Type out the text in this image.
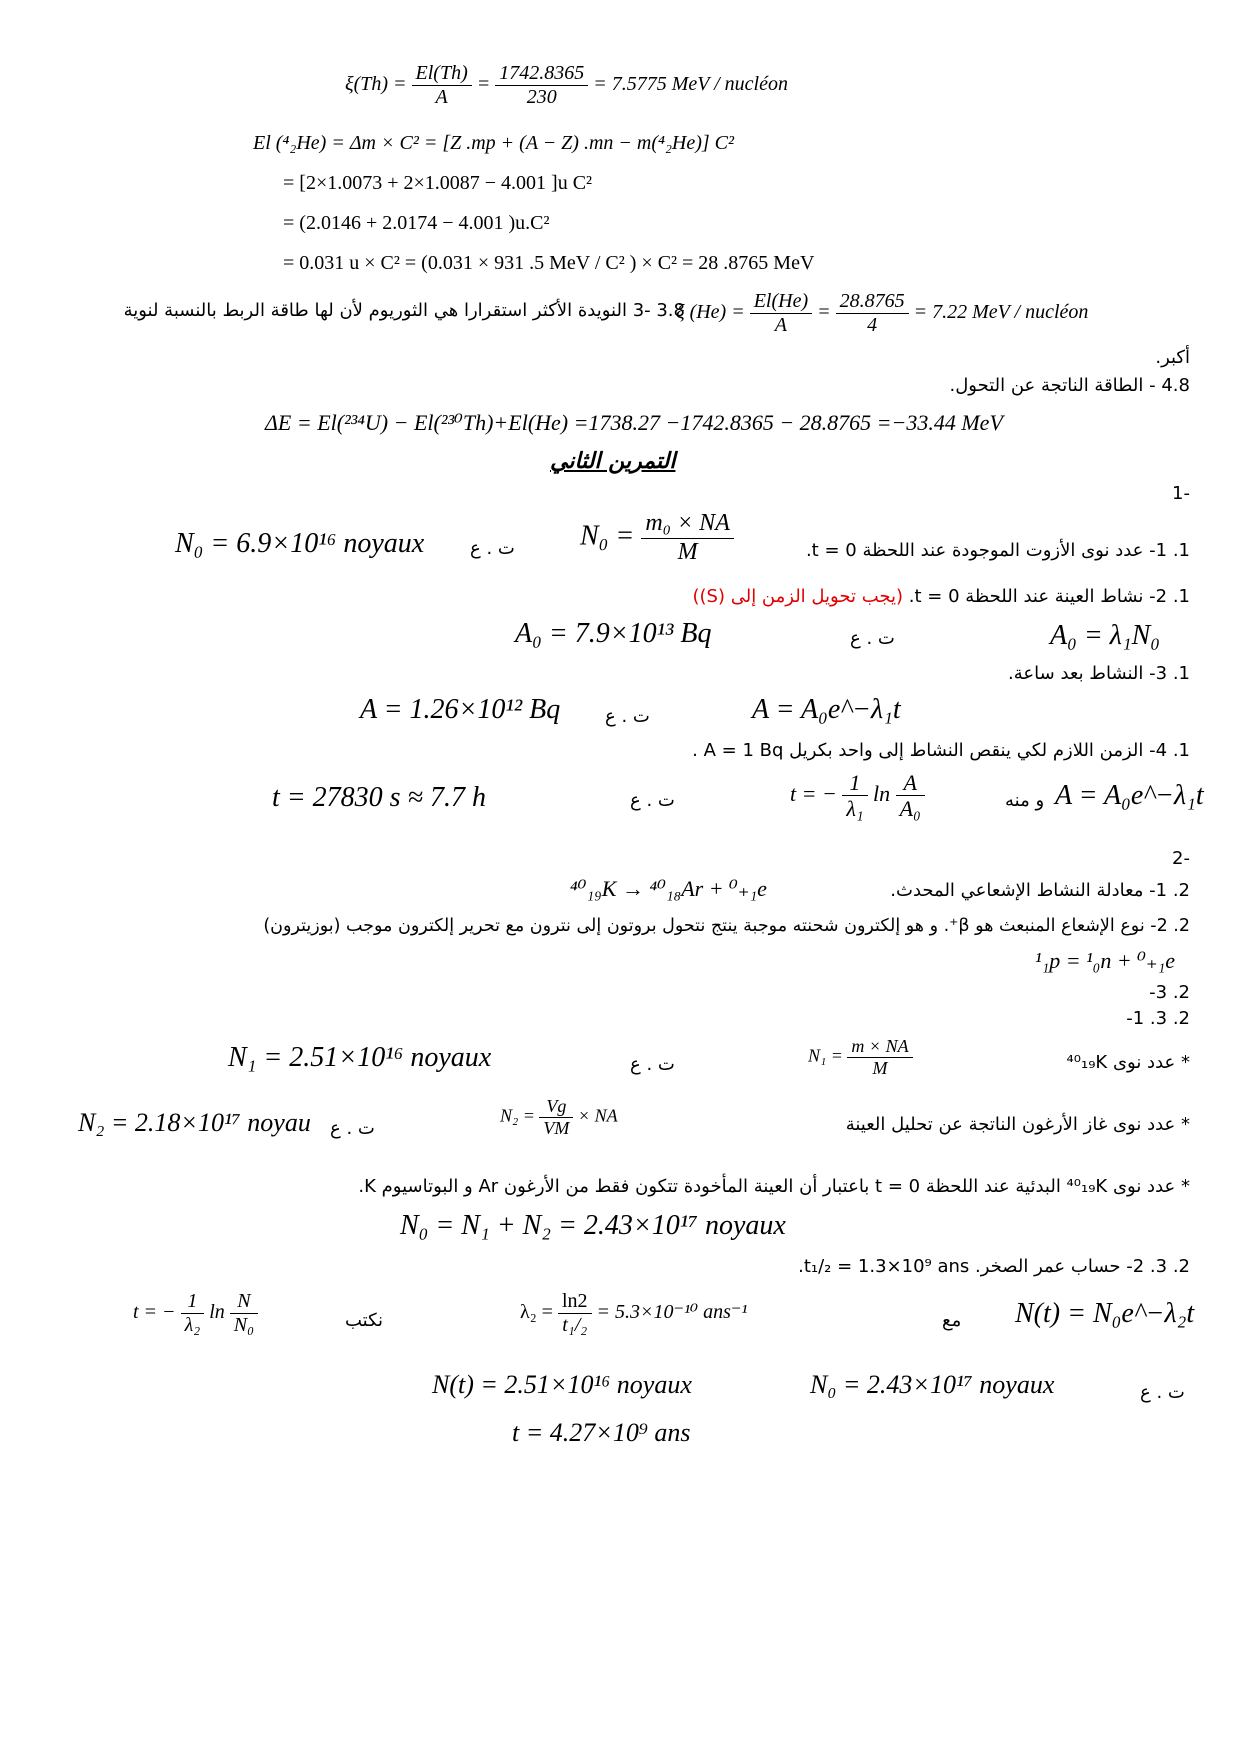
$\xi(Th) = \frac{El(Th)}{A} = \frac{1742.8365}{230} = 7.5775$ MeV / nucléon
El (⁴₂He) = Δm × C² = [Z .mp + (A − Z) .mn − m(⁴₂He)] C²
= [2×1.0073 + 2×1.0087 − 4.001 ]u C²
= (2.0146 + 2.0174 − 4.001 )u.C²
= 0.031 u × C² = (0.031 × 931 .5 MeV / C² ) × C² = 28 .8765 MeV
ξ $(He) = \frac{El(He)}{A} = \frac{28.8765}{4} = 7.22$ MeV / nucléon
3.8 -3 النويدة الأكثر استقرارا هي الثوريوم لأن لها طاقة الربط بالنسبة لنوية
أكبر.
4.8 - الطاقة الناتجة عن التحول.
ΔE = El(²³⁴U) − El(²³⁰Th)+El(He) =1738.27 −1742.8365 − 28.8765 =−33.44 MeV
التمرين الثاني
-1
1. 1- عدد نوى الأزوت الموجودة عند اللحظة t = 0.
$N_0 = \frac{\text{m₀ × NA}}{M}$
ت . ع
N₀ = 6.9×10¹⁶ noyaux
1. 2- نشاط العينة عند اللحظة t = 0. (يجب تحويل الزمن إلى (S))
A₀ = 7.9×10¹³ Bq	ت . ع	A₀ = λ₁N₀
1. 3- النشاط بعد ساعة.
A = 1.26×10¹² Bq ت . ع	A = A₀e^−λ₁t
1. 4- الزمن اللازم لكي ينقص النشاط إلى واحد بكريل A = 1 Bq .
t = 27830 s ≈ 7.7 h	ت . ع	t = − $\frac{1}{\text{λ₁}}$ $\ln \frac{A}{\text{A₀}}$	و منه A = A₀e^−λ₁t
-2
2. 1- معادلة النشاط الإشعاعي المحدث.
⁴⁰₁₉K → ⁴⁰₁₈Ar + ⁰₊₁e
2. 2- نوع الإشعاع المنبعث هو β⁺. و هو إلكترون شحنته موجبة ينتج نتحول بروتون إلى نترون مع تحرير إلكترون موجب (بوزيترون)
¹₁p = ¹₀n + ⁰₊₁e
2. 3-
2. 3. 1-
* عدد نوى ⁴⁰₁₉K
$N_1 = \frac{m \times NA}{M}$
ت . ع
N₁ = 2.51×10¹⁶ noyaux
* عدد نوى غاز الأرغون الناتجة عن تحليل العينة
$N_2 = \frac{Vg}{VM}$ × NA
ت . ع
N₂ = 2.18×10¹⁷ noyau
* عدد نوى ⁴⁰₁₉K البدئية عند اللحظة t = 0 باعتبار أن العينة المأخودة تتكون فقط من الأرغون Ar و البوتاسيوم K.
N₀ = N₁ + N₂ = 2.43×10¹⁷ noyaux
2. 3. 2- حساب عمر الصخر. t₁/₂ = 1.3×10⁹ ans.
t = − $\frac{1}{\text{λ₂}}$ $\ln \frac{N}{\text{N₀}}$	نكتب	$\lambda_2 = \frac{\ln 2}{\text{t₁/₂}} = 5.3\times 10^{-10}$ ans⁻¹	مع N(t) = N₀e^−λ₂t
N(t) = 2.51×10¹⁶ noyaux	N₀ = 2.43×10¹⁷ noyaux	ت . ع
t = 4.27×10⁹ ans
